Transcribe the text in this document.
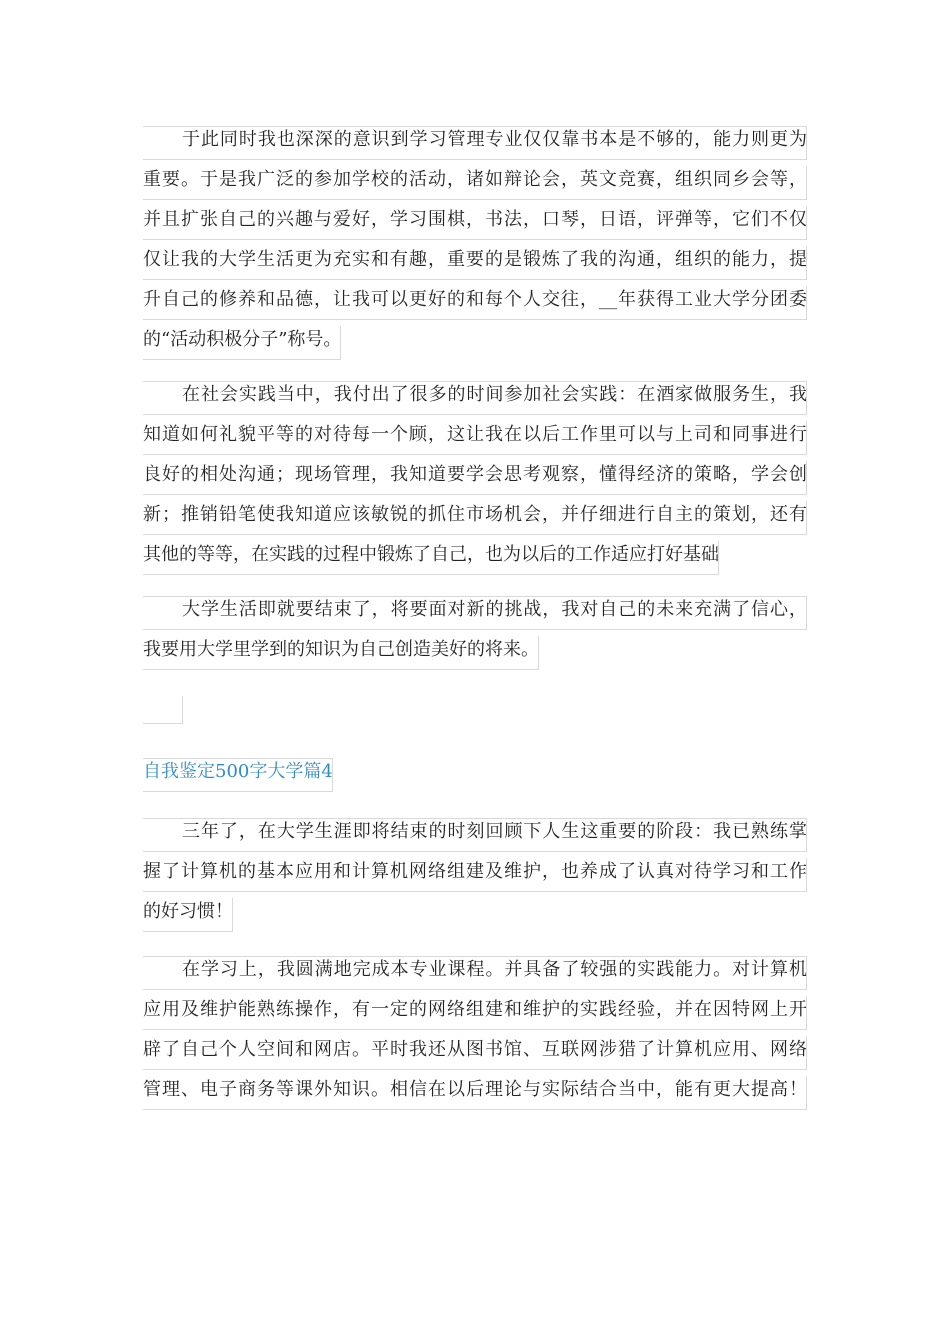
于此同时我也深深的意识到学习管理专业仅仅靠书本是不够的，能力则更为
重要。于是我广泛的参加学校的活动，诸如辩论会，英文竞赛，组织同乡会等，
并且扩张自己的兴趣与爱好，学习围棋，书法，口琴，日语，评弹等，它们不仅
仅让我的大学生活更为充实和有趣，重要的是锻炼了我的沟通，组织的能力，提
升自己的修养和品德，让我可以更好的和每个人交往，__年获得工业大学分团委
的“活动积极分子”称号。
在社会实践当中，我付出了很多的时间参加社会实践：在酒家做服务生，我
知道如何礼貌平等的对待每一个顾，这让我在以后工作里可以与上司和同事进行
良好的相处沟通；现场管理，我知道要学会思考观察，懂得经济的策略，学会创
新；推销铅笔使我知道应该敏锐的抓住市场机会，并仔细进行自主的策划，还有
其他的等等，在实践的过程中锻炼了自己，也为以后的工作适应打好基础
大学生活即就要结束了，将要面对新的挑战，我对自己的未来充满了信心，
我要用大学里学到的知识为自己创造美好的将来。
自我鉴定500字大学篇4
三年了，在大学生涯即将结束的时刻回顾下人生这重要的阶段：我已熟练掌
握了计算机的基本应用和计算机网络组建及维护，也养成了认真对待学习和工作
的好习惯！
在学习上，我圆满地完成本专业课程。并具备了较强的实践能力。对计算机
应用及维护能熟练操作，有一定的网络组建和维护的实践经验，并在因特网上开
辟了自己个人空间和网店。平时我还从图书馆、互联网涉猎了计算机应用、网络
管理、电子商务等课外知识。相信在以后理论与实际结合当中，能有更大提高！
